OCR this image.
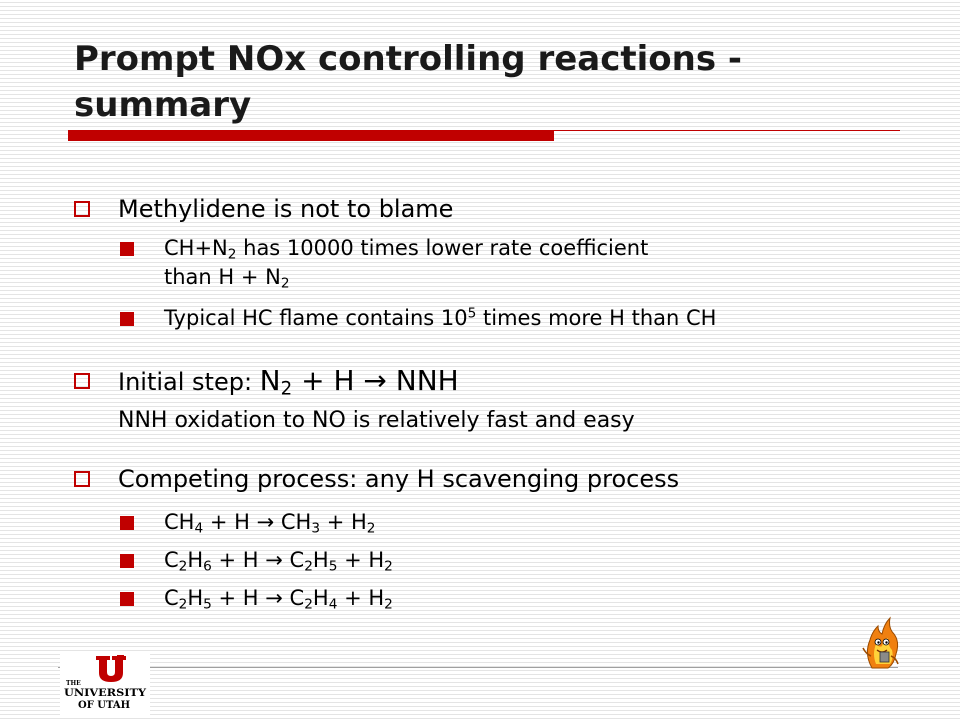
Prompt NOx controlling reactions -
summary
Methylidene is not to blame
$CH+N_2$ has 10000 times lower rate coefficient
than $H + N_2$
Typical HC flame contains $10^5$ times more H than CH
Initial step: $N_2 + H$ → NNH
NNH oxidation to NO is relatively fast and easy
Competing process: any H scavenging process
$CH_4 + H \to CH_3 + H_2$
$C_2H_6 + H \to C_2H_5 + H_2$
$C_2H_5 + H \to C_2H_4 + H_2$
THE
UNIVERSITY
OF UTAH
